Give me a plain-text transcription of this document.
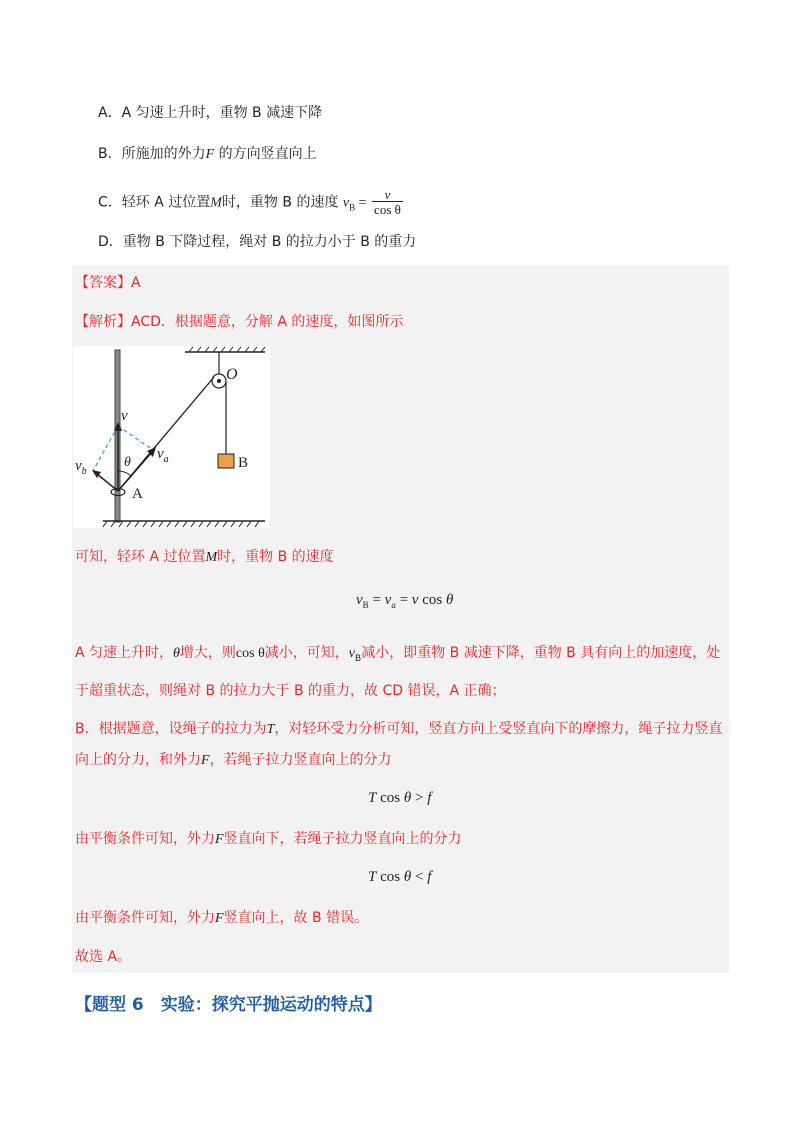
A．A 匀速上升时，重物 B 减速下降
B．所施加的外力F 的方向竖直向上
C．轻环 A 过位置M时，重物 B 的速度 $v_B = \frac{v}{\text{cos θ}}$
D．重物 B 下降过程，绳对 B 的拉力小于 B 的重力
【答案】A
【解析】ACD．根据题意，分解 A 的速度，如图所示
O
v
θ
$v_a$
$v_b$
A
B
可知，轻环 A 过位置M时，重物 B 的速度
$v_B = v_a = v$ cos θ
A 匀速上升时，θ增大，则cos θ减小，可知，$v_B$减小，即重物 B 减速下降，重物 B 具有向上的加速度，处
于超重状态，则绳对 B 的拉力大于 B 的重力，故 CD 错误，A 正确；
B．根据题意，设绳子的拉力为T，对轻环受力分析可知，竖直方向上受竖直向下的摩擦力，绳子拉力竖直
向上的分力，和外力F，若绳子拉力竖直向上的分力
T cos θ > f
由平衡条件可知，外力F竖直向下，若绳子拉力竖直向上的分力
T cos θ < f
由平衡条件可知，外力F竖直向上，故 B 错误。
故选 A。
【题型 6　实验：探究平抛运动的特点】
